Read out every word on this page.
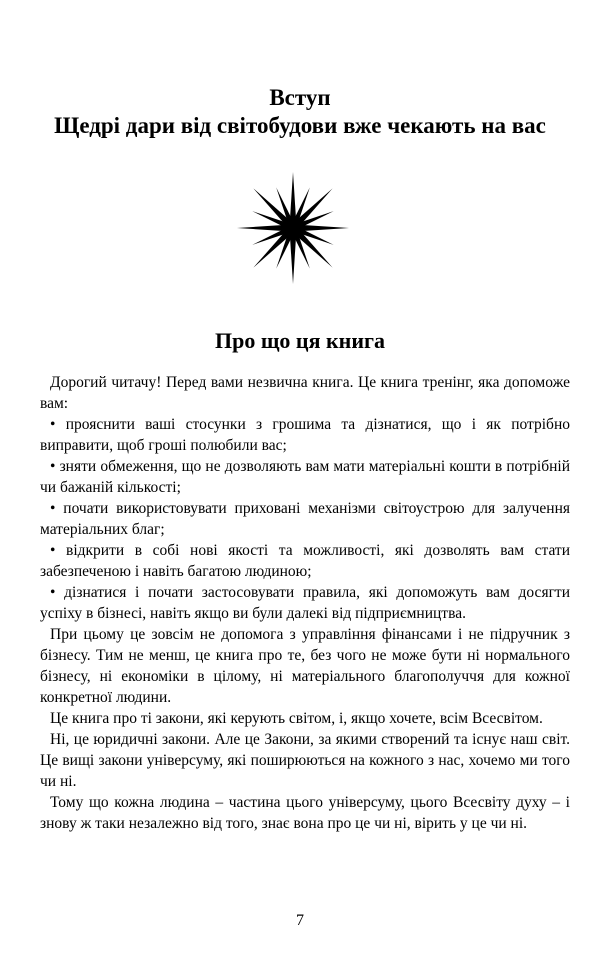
Вступ
Щедрі дари від світобудови вже чекають на вас
Про що ця книга

Дорогий читачу! Перед вами незвична книга. Це книга тренінг, яка допоможе вам:

• прояснити ваші стосунки з грошима та дізнатися, що і як потрібно виправити, щоб гроші полюбили вас;

• зняти обмеження, що не дозволяють вам мати матеріальні кошти в потрібній чи бажаній кількості;

• почати використовувати приховані механізми світоустрою для залучення матеріальних благ;

• відкрити в собі нові якості та можливості, які дозволять вам стати забезпеченою і навіть багатою людиною;

• дізнатися і почати застосовувати правила, які допоможуть вам досягти успіху в бізнесі, навіть якщо ви були далекі від підприємництва.

При цьому це зовсім не допомога з управління фінансами і не підручник з бізнесу. Тим не менш, це книга про те, без чого не може бути ні нормального бізнесу, ні економіки в цілому, ні матеріального благополуччя для кожної конкретної людини.

Це книга про ті закони, які керують світом, і, якщо хочете, всім Всесвітом.

Ні, це юридичні закони. Але це Закони, за якими створений та існує наш світ. Це вищі закони універсуму, які поширюються на кожного з нас, хочемо ми того чи ні.

Тому що кожна людина – частина цього універсуму, цього Всесвіту духу – і знову ж таки незалежно від того, знає вона про це чи ні, вірить у це чи ні.

7
